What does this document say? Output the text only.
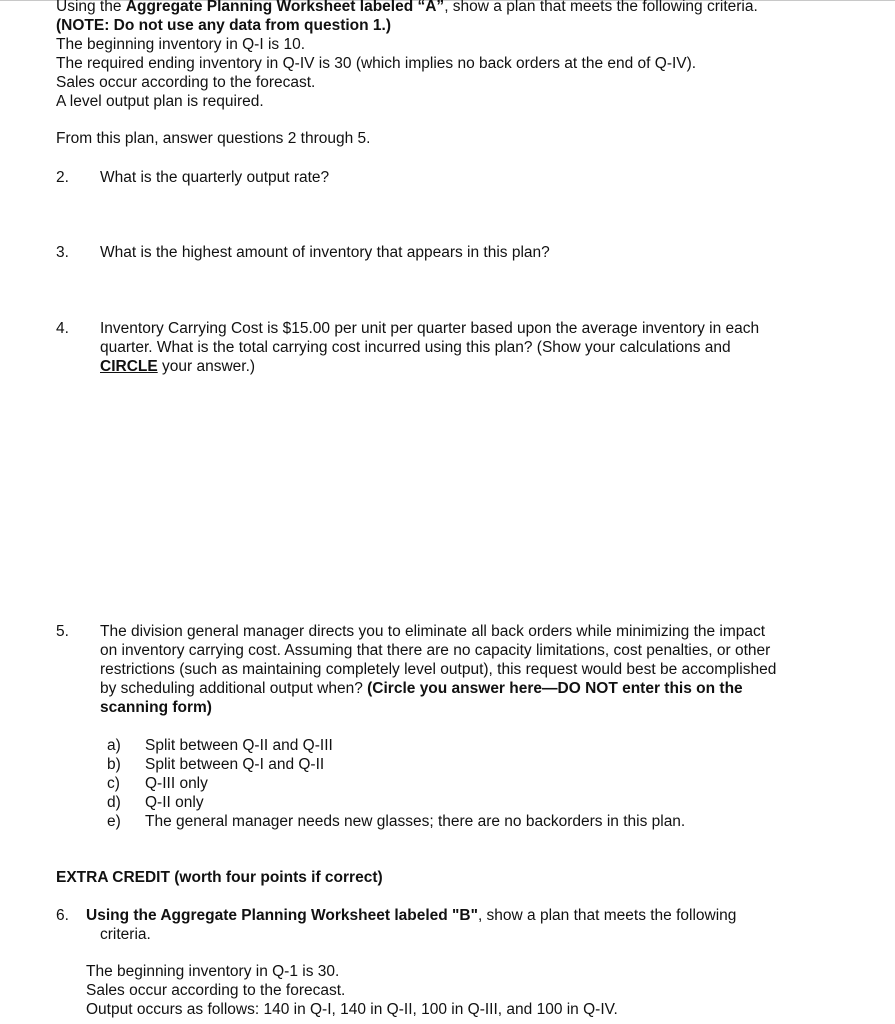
Using the Aggregate Planning Worksheet labeled “A”, show a plan that meets the following criteria.
(NOTE: Do not use any data from question 1.)
The beginning inventory in Q-I is 10.
The required ending inventory in Q-IV is 30 (which implies no back orders at the end of Q-IV).
Sales occur according to the forecast.
A level output plan is required.
From this plan, answer questions 2 through 5.
2. What is the quarterly output rate?
3. What is the highest amount of inventory that appears in this plan?
4. Inventory Carrying Cost is $15.00 per unit per quarter based upon the average inventory in each
quarter. What is the total carrying cost incurred using this plan? (Show your calculations and
CIRCLE your answer.)
5. The division general manager directs you to eliminate all back orders while minimizing the impact
on inventory carrying cost. Assuming that there are no capacity limitations, cost penalties, or other
restrictions (such as maintaining completely level output), this request would best be accomplished
by scheduling additional output when? (Circle you answer here—DO NOT enter this on the
scanning form)
a) Split between Q-II and Q-III
b) Split between Q-I and Q-II
c) Q-III only
d) Q-II only
e) The general manager needs new glasses; there are no backorders in this plan.
EXTRA CREDIT (worth four points if correct)
6. Using the Aggregate Planning Worksheet labeled "B", show a plan that meets the following
criteria.
The beginning inventory in Q-1 is 30.
Sales occur according to the forecast.
Output occurs as follows: 140 in Q-I, 140 in Q-II, 100 in Q-III, and 100 in Q-IV.
